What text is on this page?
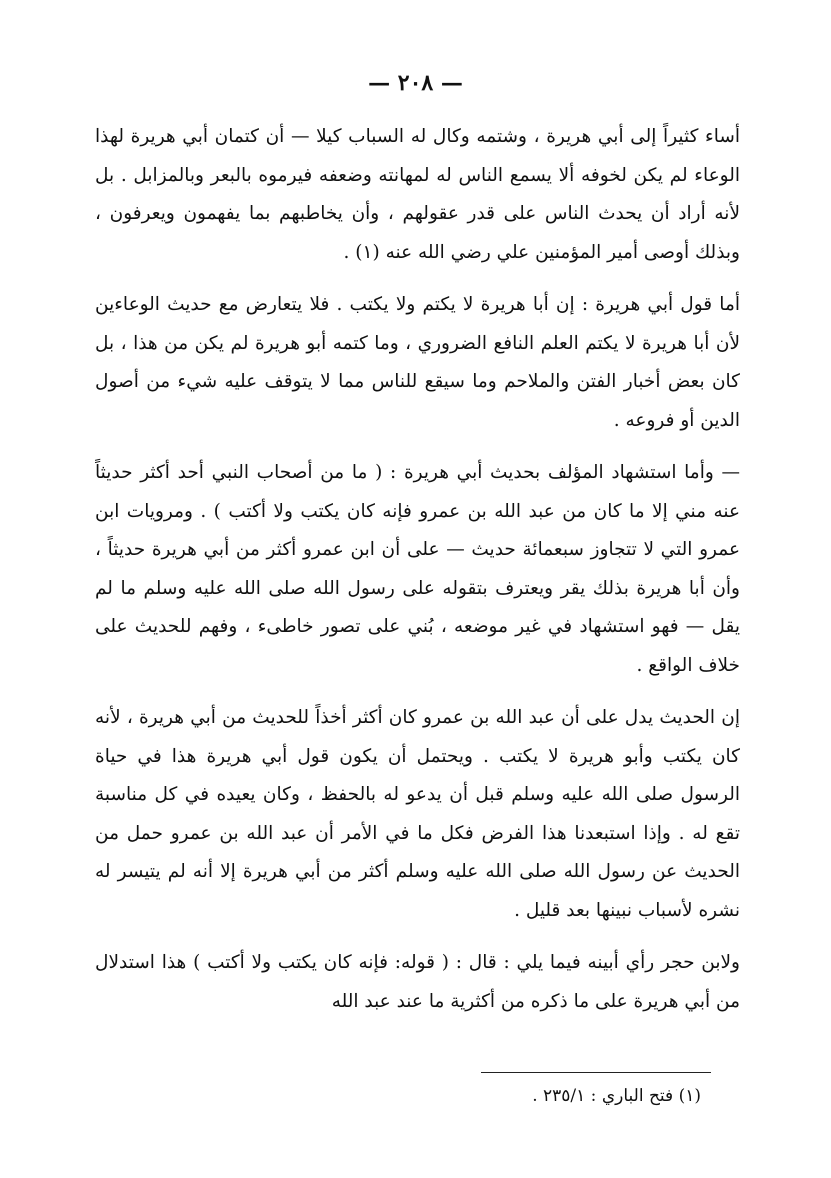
— ٢٠٨ —

أساء كثيراً إلى أبي هريرة ، وشتمه وكال له السباب كيلا — أن كتمان أبي هريرة لهذا الوعاء لم يكن لخوفه ألا يسمع الناس له لمهانته وضعفه فيرموه بالبعر وبالمزابل . بل لأنه أراد أن يحدث الناس على قدر عقولهم ، وأن يخاطبهم بما يفهمون ويعرفون ، وبذلك أوصى أمير المؤمنين علي رضي الله عنه (١) .

أما قول أبي هريرة : إن أبا هريرة لا يكتم ولا يكتب . فلا يتعارض مع حديث الوعاءين لأن أبا هريرة لا يكتم العلم النافع الضروري ، وما كتمه أبو هريرة لم يكن من هذا ، بل كان بعض أخبار الفتن والملاحم وما سيقع للناس مما لا يتوقف عليه شيء من أصول الدين أو فروعه .

— وأما استشهاد المؤلف بحديث أبي هريرة : ( ما من أصحاب النبي أحد أكثر حديثاً عنه مني إلا ما كان من عبد الله بن عمرو فإنه كان يكتب ولا أكتب ) . ومرويات ابن عمرو التي لا تتجاوز سبعمائة حديث — على أن ابن عمرو أكثر من أبي هريرة حديثاً ، وأن أبا هريرة بذلك يقر ويعترف بتقوله على رسول الله صلى الله عليه وسلم ما لم يقل — فهو استشهاد في غير موضعه ، بُني على تصور خاطىء ، وفهم للحديث على خلاف الواقع .

إن الحديث يدل على أن عبد الله بن عمرو كان أكثر أخذاً للحديث من أبي هريرة ، لأنه كان يكتب وأبو هريرة لا يكتب . ويحتمل أن يكون قول أبي هريرة هذا في حياة الرسول صلى الله عليه وسلم قبل أن يدعو له بالحفظ ، وكان يعيده في كل مناسبة تقع له . وإذا استبعدنا هذا الفرض فكل ما في الأمر أن عبد الله بن عمرو حمل من الحديث عن رسول الله صلى الله عليه وسلم أكثر من أبي هريرة إلا أنه لم يتيسر له نشره لأسباب نبينها بعد قليل .

ولابن حجر رأي أبينه فيما يلي : قال : ( قوله: فإنه كان يكتب ولا أكتب ) هذا استدلال من أبي هريرة على ما ذكره من أكثرية ما عند عبد الله

(١) فتح الباري : ٢٣٥/١ .
